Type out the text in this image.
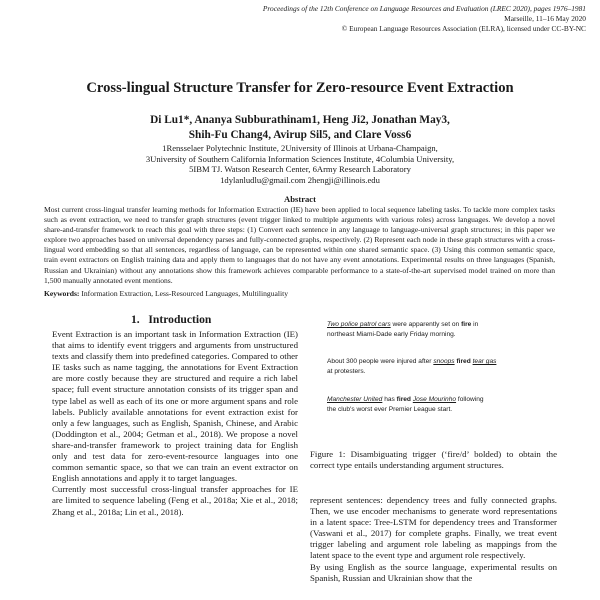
Proceedings of the 12th Conference on Language Resources and Evaluation (LREC 2020), pages 1976–1981
Marseille, 11–16 May 2020
© European Language Resources Association (ELRA), licensed under CC-BY-NC
Cross-lingual Structure Transfer for Zero-resource Event Extraction
Di Lu1*, Ananya Subburathinam1, Heng Ji2, Jonathan May3,
Shih-Fu Chang4, Avirup Sil5, and Clare Voss6
1Rensselaer Polytechnic Institute, 2University of Illinois at Urbana-Champaign,
3University of Southern California Information Sciences Institute, 4Columbia University,
5IBM TJ. Watson Research Center, 6Army Research Laboratory
1dylanludlu@gmail.com 2hengji@illinois.edu
Abstract
Most current cross-lingual transfer learning methods for Information Extraction (IE) have been applied to local sequence labeling tasks. To tackle more complex tasks such as event extraction, we need to transfer graph structures (event trigger linked to multiple arguments with various roles) across languages. We develop a novel share-and-transfer framework to reach this goal with three steps: (1) Convert each sentence in any language to language-universal graph structures; in this paper we explore two approaches based on universal dependency parses and fully-connected graphs, respectively. (2) Represent each node in these graph structures with a cross-lingual word embedding so that all sentences, regardless of language, can be represented within one shared semantic space. (3) Using this common semantic space, train event extractors on English training data and apply them to languages that do not have any event annotations. Experimental results on three languages (Spanish, Russian and Ukrainian) without any annotations show this framework achieves comparable performance to a state-of-the-art supervised model trained on more than 1,500 manually annotated event mentions.
Keywords: Information Extraction, Less-Resourced Languages, Multilinguality
1. Introduction

Event Extraction is an important task in Information Extraction (IE) that aims to identify event triggers and arguments from unstructured texts and classify them into predefined categories. Compared to other IE tasks such as name tagging, the annotations for Event Extraction are more costly because they are structured and require a rich label space; full event structure annotation consists of its trigger span and type label as well as each of its one or more argument spans and role labels. Publicly available annotations for event extraction exist for only a few languages, such as English, Spanish, Chinese, and Arabic (Doddington et al., 2004; Getman et al., 2018). We propose a novel share-and-transfer framework to project training data for English only and test data for zero-event-resource languages into one common semantic space, so that we can train an event extractor on English annotations and apply it to target languages.

Currently most successful cross-lingual transfer approaches for IE are limited to sequence labeling (Feng et al., 2018a; Xie et al., 2018; Zhang et al., 2018a; Lin et al., 2018).

Two police patrol cars were apparently set on fire in
northeast Miami-Dade early Friday morning.
About 300 people were injured after snoops fired tear gas
at protesters.
Manchester United has fired Jose Mourinho following
the club's worst ever Premier League start.
Figure 1: Disambiguating trigger (‘fire/d’ bolded) to obtain the correct type entails understanding argument structures.

represent sentences: dependency trees and fully connected graphs. Then, we use encoder mechanisms to generate word representations in a latent space: Tree-LSTM for dependency trees and Transformer (Vaswani et al., 2017) for complete graphs. Finally, we treat event trigger labeling and argument role labeling as mappings from the latent space to the event type and argument role respectively.

By using English as the source language, experimental results on Spanish, Russian and Ukrainian show that the
